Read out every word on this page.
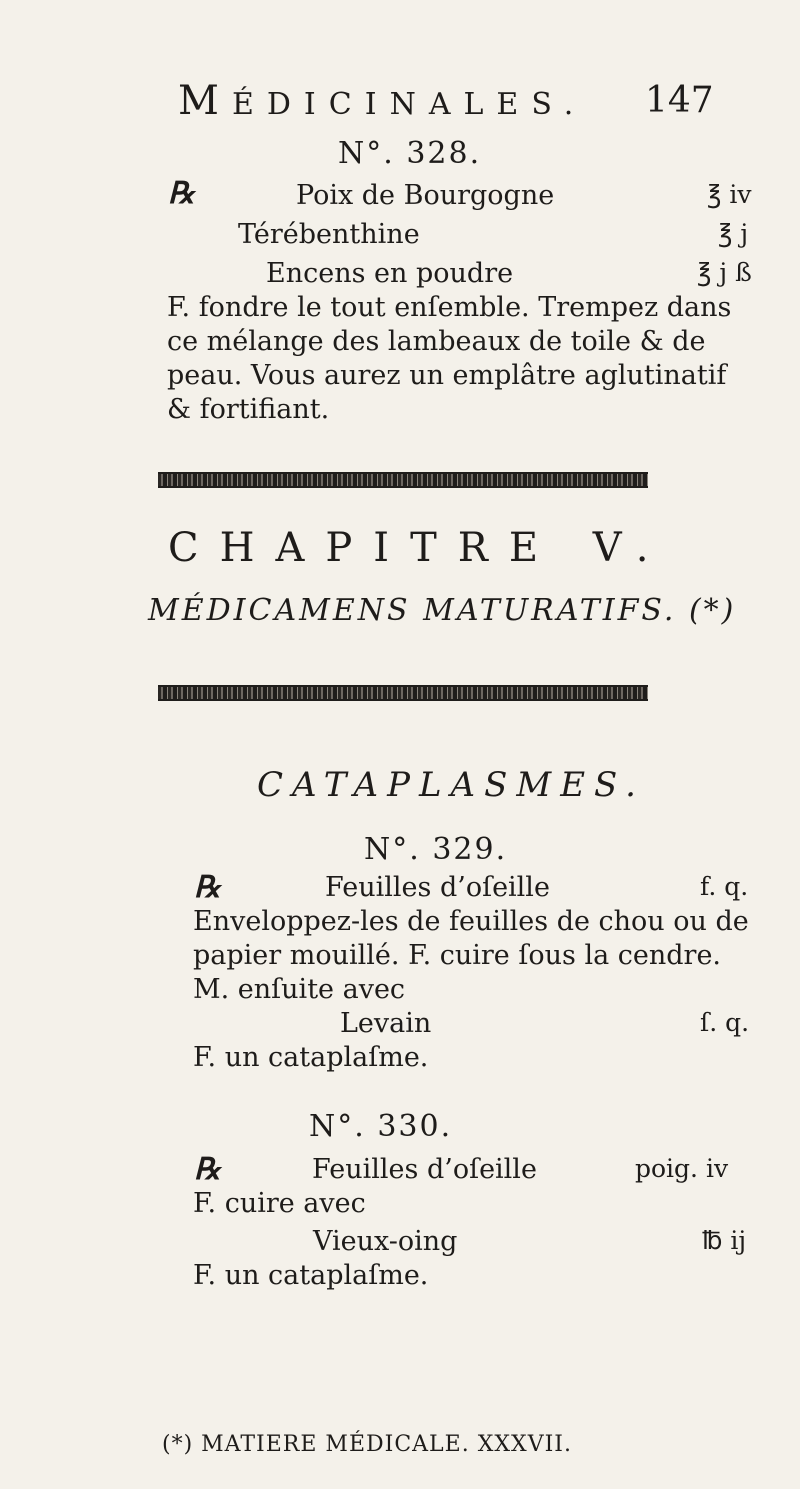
MÉDICINALES. 147
N°. 328.
℞	Poix de Bourgogne	℥ iv
Térébenthine	℥ j
Encens en poudre	℥ j ß
F. fondre le tout enſemble. Trempez dans
ce mélange des lambeaux de toile & de
peau. Vous aurez un emplâtre aglutinatif
& fortifiant.
CHAPITRE V.
MÉDICAMENS MATURATIFS. (*)
CATAPLASMES.
N°. 329.
℞	Feuilles d’oſeille	f. q.
Enveloppez-les de feuilles de chou ou de
papier mouillé. F. cuire ſous la cendre.
M. enſuite avec
Levain	ſ. q.
F. un cataplaſme.
N°. 330.
℞	Feuilles d’oſeille	poig. iv
F. cuire avec
Vieux-oing	℔ ij
F. un cataplaſme.
(*) MATIERE MÉDICALE. XXXVII.
